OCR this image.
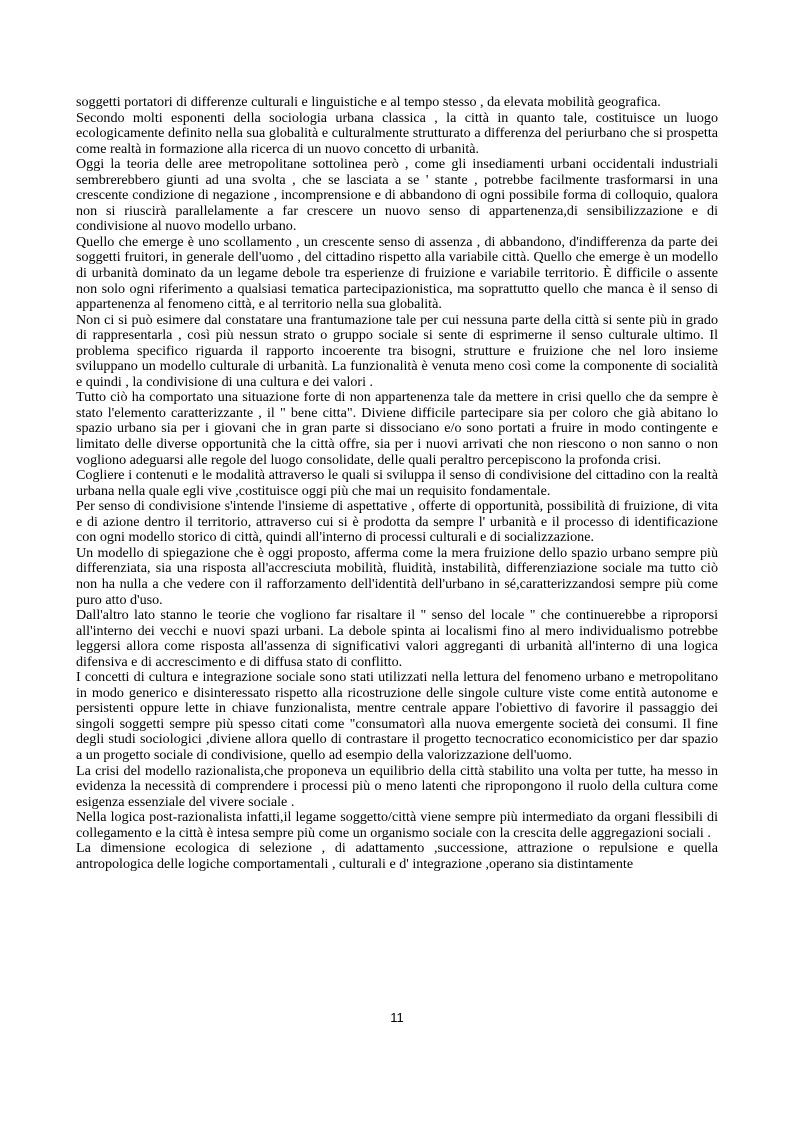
soggetti portatori di differenze culturali e linguistiche e al tempo stesso , da elevata mobilità geografica.

Secondo molti esponenti della sociologia urbana classica , la città in quanto tale, costituisce un luogo ecologicamente definito nella sua globalità e culturalmente strutturato a differenza del periurbano che si prospetta come realtà in formazione alla ricerca di un nuovo concetto di urbanità.

Oggi la teoria delle aree metropolitane sottolinea però , come gli insediamenti urbani occidentali industriali sembrerebbero giunti ad una svolta , che se lasciata a se ' stante , potrebbe facilmente trasformarsi in una crescente condizione di negazione , incomprensione e di abbandono di ogni possibile forma di colloquio, qualora non si riuscirà parallelamente a far crescere un nuovo senso di appartenenza,di sensibilizzazione e di condivisione al nuovo modello urbano.

Quello che emerge è uno scollamento , un crescente senso di assenza , di abbandono, d'indifferenza da parte dei soggetti fruitori, in generale dell'uomo , del cittadino rispetto alla variabile città. Quello che emerge è un modello di urbanità dominato da un legame debole tra esperienze di fruizione e variabile territorio. È difficile o assente non solo ogni riferimento a qualsiasi tematica partecipazionistica, ma soprattutto quello che manca è il senso di appartenenza al fenomeno città, e al territorio nella sua globalità.

Non ci si può esimere dal constatare una frantumazione tale per cui nessuna parte della città si sente più in grado di rappresentarla , così più nessun strato o gruppo sociale si sente di esprimerne il senso culturale ultimo. Il problema specifico riguarda il rapporto incoerente tra bisogni, strutture e fruizione che nel loro insieme sviluppano un modello culturale di urbanità. La funzionalità è venuta meno così come la componente di socialità e quindi , la condivisione di una cultura e dei valori .

Tutto ciò ha comportato una situazione forte di non appartenenza tale da mettere in crisi quello che da sempre è stato l'elemento caratterizzante , il " bene citta". Diviene difficile partecipare sia per coloro che già abitano lo spazio urbano sia per i giovani che in gran parte si dissociano e/o sono portati a fruire in modo contingente e limitato delle diverse opportunità che la città offre, sia per i nuovi arrivati che non riescono o non sanno o non vogliono adeguarsi alle regole del luogo consolidate, delle quali peraltro percepiscono la profonda crisi.

Cogliere i contenuti e le modalità attraverso le quali si sviluppa il senso di condivisione del cittadino con la realtà urbana nella quale egli vive ,costituisce oggi più che mai un requisito fondamentale.

Per senso di condivisione s'intende l'insieme di aspettative , offerte di opportunità, possibilità di fruizione, di vita e di azione dentro il territorio, attraverso cui si è prodotta da sempre l' urbanità e il processo di identificazione con ogni modello storico di città, quindi all'interno di processi culturali e di socializzazione.

Un modello di spiegazione che è oggi proposto, afferma come la mera fruizione dello spazio urbano sempre più differenziata, sia una risposta all'accresciuta mobilità, fluidità, instabilità, differenziazione sociale ma tutto ciò non ha nulla a che vedere con il rafforzamento dell'identità dell'urbano in sé,caratterizzandosi sempre più come puro atto d'uso.

Dall'altro lato stanno le teorie che vogliono far risaltare il " senso del locale " che continuerebbe a riproporsi all'interno dei vecchi e nuovi spazi urbani. La debole spinta ai localismi fino al mero individualismo potrebbe leggersi allora come risposta all'assenza di significativi valori aggreganti di urbanità all'interno di una logica difensiva e di accrescimento e di diffusa stato di conflitto.

I concetti di cultura e integrazione sociale sono stati utilizzati nella lettura del fenomeno urbano e metropolitano in modo generico e disinteressato rispetto alla ricostruzione delle singole culture viste come entità autonome e persistenti oppure lette in chiave funzionalista, mentre centrale appare l'obiettivo di favorire il passaggio dei singoli soggetti sempre più spesso citati come "consumatorì alla nuova emergente società dei consumi. Il fine degli studi sociologici ,diviene allora quello di contrastare il progetto tecnocratico economicistico per dar spazio a un progetto sociale di condivisione, quello ad esempio della valorizzazione dell'uomo.

La crisi del modello razionalista,che proponeva un equilibrio della città stabilito una volta per tutte, ha messo in evidenza la necessità di comprendere i processi più o meno latenti che ripropongono il ruolo della cultura come esigenza essenziale del vivere sociale .

Nella logica post-razionalista infatti,il legame soggetto/città viene sempre più intermediato da organi flessibili di collegamento e la città è intesa sempre più come un organismo sociale con la crescita delle aggregazioni sociali .

La dimensione ecologica di selezione , di adattamento ,successione, attrazione o repulsione e quella antropologica delle logiche comportamentali , culturali e d' integrazione ,operano sia distintamente

11
